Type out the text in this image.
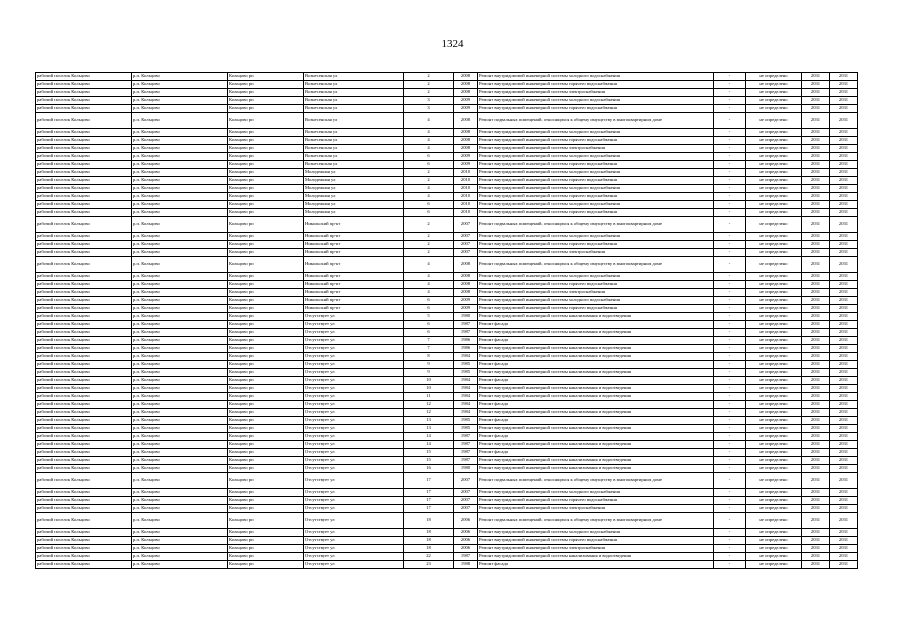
1324
рабочий поселок Кольцово	р.п. Кольцово	Кольцово рп	Вознесенская ул	2	2008	Ремонт внутридомовой инженерной системы холодного водоснабжения	-	не определено	2031	2031
рабочий поселок Кольцово	р.п. Кольцово	Кольцово рп	Вознесенская ул	2	2008	Ремонт внутридомовой инженерной системы горячего водоснабжения	-	не определено	2031	2031
рабочий поселок Кольцово	р.п. Кольцово	Кольцово рп	Вознесенская ул	2	2008	Ремонт внутридомовой инженерной системы электроснабжения	-	не определено	2031	2031
рабочий поселок Кольцово	р.п. Кольцово	Кольцово рп	Вознесенская ул	3	2009	Ремонт внутридомовой инженерной системы холодного водоснабжения	-	не определено	2031	2031
рабочий поселок Кольцово	р.п. Кольцово	Кольцово рп	Вознесенская ул	3	2009	Ремонт внутридомовой инженерной системы горячего водоснабжения	-	не определено	2031	2031
рабочий поселок Кольцово	р.п. Кольцово	Кольцово рп	Вознесенская ул	4	2008	Ремонт подвальных помещений, относящихся к общему имуществу в многоквартирном доме	-	не определено	2031	2031
рабочий поселок Кольцово	р.п. Кольцово	Кольцово рп	Вознесенская ул	4	2008	Ремонт внутридомовой инженерной системы холодного водоснабжения	-	не определено	2031	2031
рабочий поселок Кольцово	р.п. Кольцово	Кольцово рп	Вознесенская ул	4	2008	Ремонт внутридомовой инженерной системы горячего водоснабжения	-	не определено	2031	2031
рабочий поселок Кольцово	р.п. Кольцово	Кольцово рп	Вознесенская ул	4	2008	Ремонт внутридомовой инженерной системы электроснабжения	-	не определено	2031	2031
рабочий поселок Кольцово	р.п. Кольцово	Кольцово рп	Вознесенская ул	6	2009	Ремонт внутридомовой инженерной системы холодного водоснабжения	-	не определено	2031	2031
рабочий поселок Кольцово	р.п. Кольцово	Кольцово рп	Вознесенская ул	6	2009	Ремонт внутридомовой инженерной системы горячего водоснабжения	-	не определено	2031	2031
рабочий поселок Кольцово	р.п. Кольцово	Кольцово рп	Молодежная ул	2	2010	Ремонт внутридомовой инженерной системы холодного водоснабжения	-	не определено	2031	2031
рабочий поселок Кольцово	р.п. Кольцово	Кольцово рп	Молодежная ул	2	2010	Ремонт внутридомовой инженерной системы горячего водоснабжения	-	не определено	2031	2031
рабочий поселок Кольцово	р.п. Кольцово	Кольцово рп	Молодежная ул	4	2010	Ремонт внутридомовой инженерной системы холодного водоснабжения	-	не определено	2031	2031
рабочий поселок Кольцово	р.п. Кольцово	Кольцово рп	Молодежная ул	4	2010	Ремонт внутридомовой инженерной системы горячего водоснабжения	-	не определено	2031	2031
рабочий поселок Кольцово	р.п. Кольцово	Кольцово рп	Молодежная ул	6	2010	Ремонт внутридомовой инженерной системы холодного водоснабжения	-	не определено	2031	2031
рабочий поселок Кольцово	р.п. Кольцово	Кольцово рп	Молодежная ул	6	2010	Ремонт внутридомовой инженерной системы горячего водоснабжения	-	не определено	2031	2031
рабочий поселок Кольцово	р.п. Кольцово	Кольцово рп	Никольский пр-кт	2	2007	Ремонт подвальных помещений, относящихся к общему имуществу в многоквартирном доме	-	не определено	2031	2031
рабочий поселок Кольцово	р.п. Кольцово	Кольцово рп	Никольский пр-кт	2	2007	Ремонт внутридомовой инженерной системы холодного водоснабжения	-	не определено	2031	2031
рабочий поселок Кольцово	р.п. Кольцово	Кольцово рп	Никольский пр-кт	2	2007	Ремонт внутридомовой инженерной системы горячего водоснабжения	-	не определено	2031	2031
рабочий поселок Кольцово	р.п. Кольцово	Кольцово рп	Никольский пр-кт	2	2007	Ремонт внутридомовой инженерной системы электроснабжения	-	не определено	2031	2031
рабочий поселок Кольцово	р.п. Кольцово	Кольцово рп	Никольский пр-кт	4	2008	Ремонт подвальных помещений, относящихся к общему имуществу в многоквартирном доме	-	не определено	2031	2031
рабочий поселок Кольцово	р.п. Кольцово	Кольцово рп	Никольский пр-кт	4	2008	Ремонт внутридомовой инженерной системы холодного водоснабжения	-	не определено	2031	2031
рабочий поселок Кольцово	р.п. Кольцово	Кольцово рп	Никольский пр-кт	4	2008	Ремонт внутридомовой инженерной системы горячего водоснабжения	-	не определено	2031	2031
рабочий поселок Кольцово	р.п. Кольцово	Кольцово рп	Никольский пр-кт	4	2008	Ремонт внутридомовой инженерной системы электроснабжения	-	не определено	2031	2031
рабочий поселок Кольцово	р.п. Кольцово	Кольцово рп	Никольский пр-кт	6	2009	Ремонт внутридомовой инженерной системы холодного водоснабжения	-	не определено	2031	2031
рабочий поселок Кольцово	р.п. Кольцово	Кольцово рп	Никольский пр-кт	6	2009	Ремонт внутридомовой инженерной системы горячего водоснабжения	-	не определено	2031	2031
рабочий поселок Кольцово	р.п. Кольцово	Кольцово рп	Отсутствует ул	5	1980	Ремонт внутридомовой инженерной системы канализования и водоотведения	-	не определено	2031	2031
рабочий поселок Кольцово	р.п. Кольцово	Кольцово рп	Отсутствует ул	6	1987	Ремонт фасада	-	не определено	2031	2031
рабочий поселок Кольцово	р.п. Кольцово	Кольцово рп	Отсутствует ул	6	1987	Ремонт внутридомовой инженерной системы канализования и водоотведения	-	не определено	2031	2031
рабочий поселок Кольцово	р.п. Кольцово	Кольцово рп	Отсутствует ул	7	1986	Ремонт фасада	-	не определено	2031	2031
рабочий поселок Кольцово	р.п. Кольцово	Кольцово рп	Отсутствует ул	7	1986	Ремонт внутридомовой инженерной системы канализования и водоотведения	-	не определено	2031	2031
рабочий поселок Кольцово	р.п. Кольцово	Кольцово рп	Отсутствует ул	8	1984	Ремонт внутридомовой инженерной системы канализования и водоотведения	-	не определено	2031	2031
рабочий поселок Кольцово	р.п. Кольцово	Кольцово рп	Отсутствует ул	9	1985	Ремонт фасада	-	не определено	2031	2031
рабочий поселок Кольцово	р.п. Кольцово	Кольцово рп	Отсутствует ул	9	1985	Ремонт внутридомовой инженерной системы канализования и водоотведения	-	не определено	2031	2031
рабочий поселок Кольцово	р.п. Кольцово	Кольцово рп	Отсутствует ул	10	1984	Ремонт фасада	-	не определено	2031	2031
рабочий поселок Кольцово	р.п. Кольцово	Кольцово рп	Отсутствует ул	10	1984	Ремонт внутридомовой инженерной системы канализования и водоотведения	-	не определено	2031	2031
рабочий поселок Кольцово	р.п. Кольцово	Кольцово рп	Отсутствует ул	11	1984	Ремонт внутридомовой инженерной системы канализования и водоотведения	-	не определено	2031	2031
рабочий поселок Кольцово	р.п. Кольцово	Кольцово рп	Отсутствует ул	12	1984	Ремонт фасада	-	не определено	2031	2031
рабочий поселок Кольцово	р.п. Кольцово	Кольцово рп	Отсутствует ул	12	1984	Ремонт внутридомовой инженерной системы канализования и водоотведения	-	не определено	2031	2031
рабочий поселок Кольцово	р.п. Кольцово	Кольцово рп	Отсутствует ул	13	1985	Ремонт фасада	-	не определено	2031	2031
рабочий поселок Кольцово	р.п. Кольцово	Кольцово рп	Отсутствует ул	13	1985	Ремонт внутридомовой инженерной системы канализования и водоотведения	-	не определено	2031	2031
рабочий поселок Кольцово	р.п. Кольцово	Кольцово рп	Отсутствует ул	14	1987	Ремонт фасада	-	не определено	2031	2031
рабочий поселок Кольцово	р.п. Кольцово	Кольцово рп	Отсутствует ул	14	1987	Ремонт внутридомовой инженерной системы канализования и водоотведения	-	не определено	2031	2031
рабочий поселок Кольцово	р.п. Кольцово	Кольцово рп	Отсутствует ул	15	1987	Ремонт фасада	-	не определено	2031	2031
рабочий поселок Кольцово	р.п. Кольцово	Кольцово рп	Отсутствует ул	15	1987	Ремонт внутридомовой инженерной системы канализования и водоотведения	-	не определено	2031	2031
рабочий поселок Кольцово	р.п. Кольцово	Кольцово рп	Отсутствует ул	16	1980	Ремонт внутридомовой инженерной системы канализования и водоотведения	-	не определено	2031	2031
рабочий поселок Кольцово	р.п. Кольцово	Кольцово рп	Отсутствует ул	17	2007	Ремонт подвальных помещений, относящихся к общему имуществу в многоквартирном доме	-	не определено	2031	2031
рабочий поселок Кольцово	р.п. Кольцово	Кольцово рп	Отсутствует ул	17	2007	Ремонт внутридомовой инженерной системы холодного водоснабжения	-	не определено	2031	2031
рабочий поселок Кольцово	р.п. Кольцово	Кольцово рп	Отсутствует ул	17	2007	Ремонт внутридомовой инженерной системы горячего водоснабжения	-	не определено	2031	2031
рабочий поселок Кольцово	р.п. Кольцово	Кольцово рп	Отсутствует ул	17	2007	Ремонт внутридомовой инженерной системы электроснабжения	-	не определено	2031	2031
рабочий поселок Кольцово	р.п. Кольцово	Кольцово рп	Отсутствует ул	18	2006	Ремонт подвальных помещений, относящихся к общему имуществу в многоквартирном доме	-	не определено	2031	2031
рабочий поселок Кольцово	р.п. Кольцово	Кольцово рп	Отсутствует ул	18	2006	Ремонт внутридомовой инженерной системы холодного водоснабжения	-	не определено	2031	2031
рабочий поселок Кольцово	р.п. Кольцово	Кольцово рп	Отсутствует ул	18	2006	Ремонт внутридомовой инженерной системы горячего водоснабжения	-	не определено	2031	2031
рабочий поселок Кольцово	р.п. Кольцово	Кольцово рп	Отсутствует ул	18	2006	Ремонт внутридомовой инженерной системы электроснабжения	-	не определено	2031	2031
рабочий поселок Кольцово	р.п. Кольцово	Кольцово рп	Отсутствует ул	22	1987	Ремонт внутридомовой инженерной системы канализования и водоотведения	-	не определено	2031	2031
рабочий поселок Кольцово	р.п. Кольцово	Кольцово рп	Отсутствует ул	23	1988	Ремонт фасада	-	не определено	2031	2031
